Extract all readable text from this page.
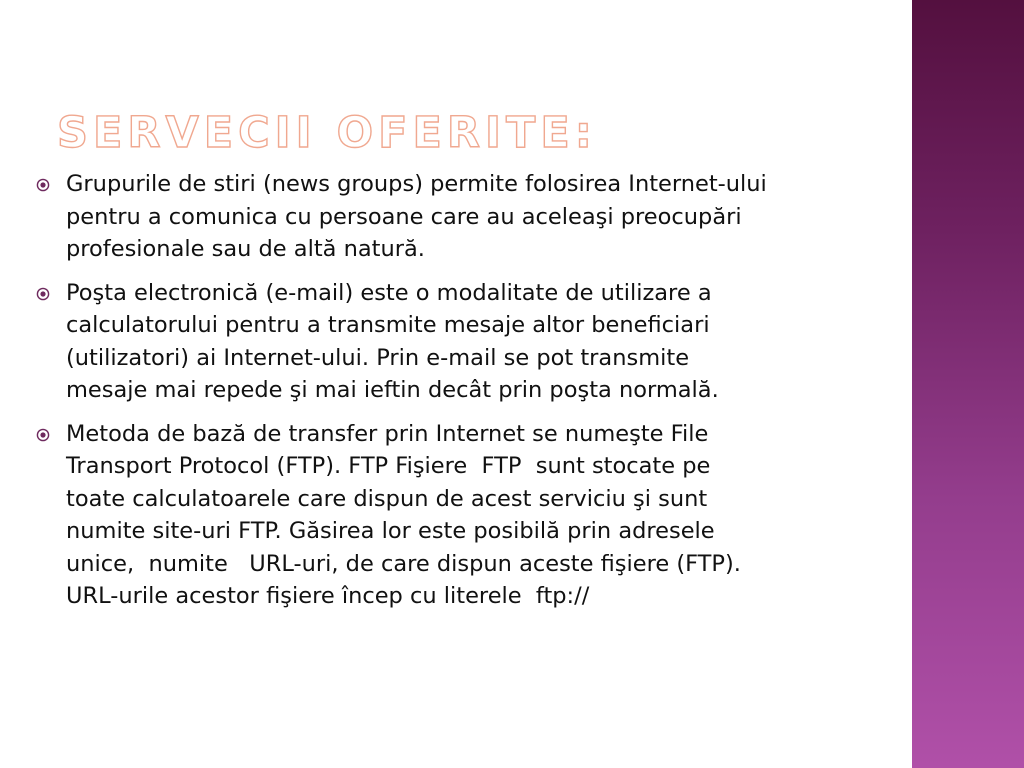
SERVECII OFERITE:
Grupurile de stiri (news groups) permite folosirea Internet-ului
pentru a comunica cu persoane care au aceleaşi preocupări
profesionale sau de altă natură.
Poşta electronică (e-mail) este o modalitate de utilizare a
calculatorului pentru a transmite mesaje altor beneficiari
(utilizatori) ai Internet-ului. Prin e-mail se pot transmite
mesaje mai repede şi mai ieftin decât prin poşta normală.
Metoda de bază de transfer prin Internet se numeşte File
Transport Protocol (FTP). FTP Fişiere  FTP  sunt stocate pe
toate calculatoarele care dispun de acest serviciu şi sunt
numite site-uri FTP. Găsirea lor este posibilă prin adresele
unice,  numite   URL-uri, de care dispun aceste fişiere (FTP).
URL-urile acestor fişiere încep cu literele  ftp://
